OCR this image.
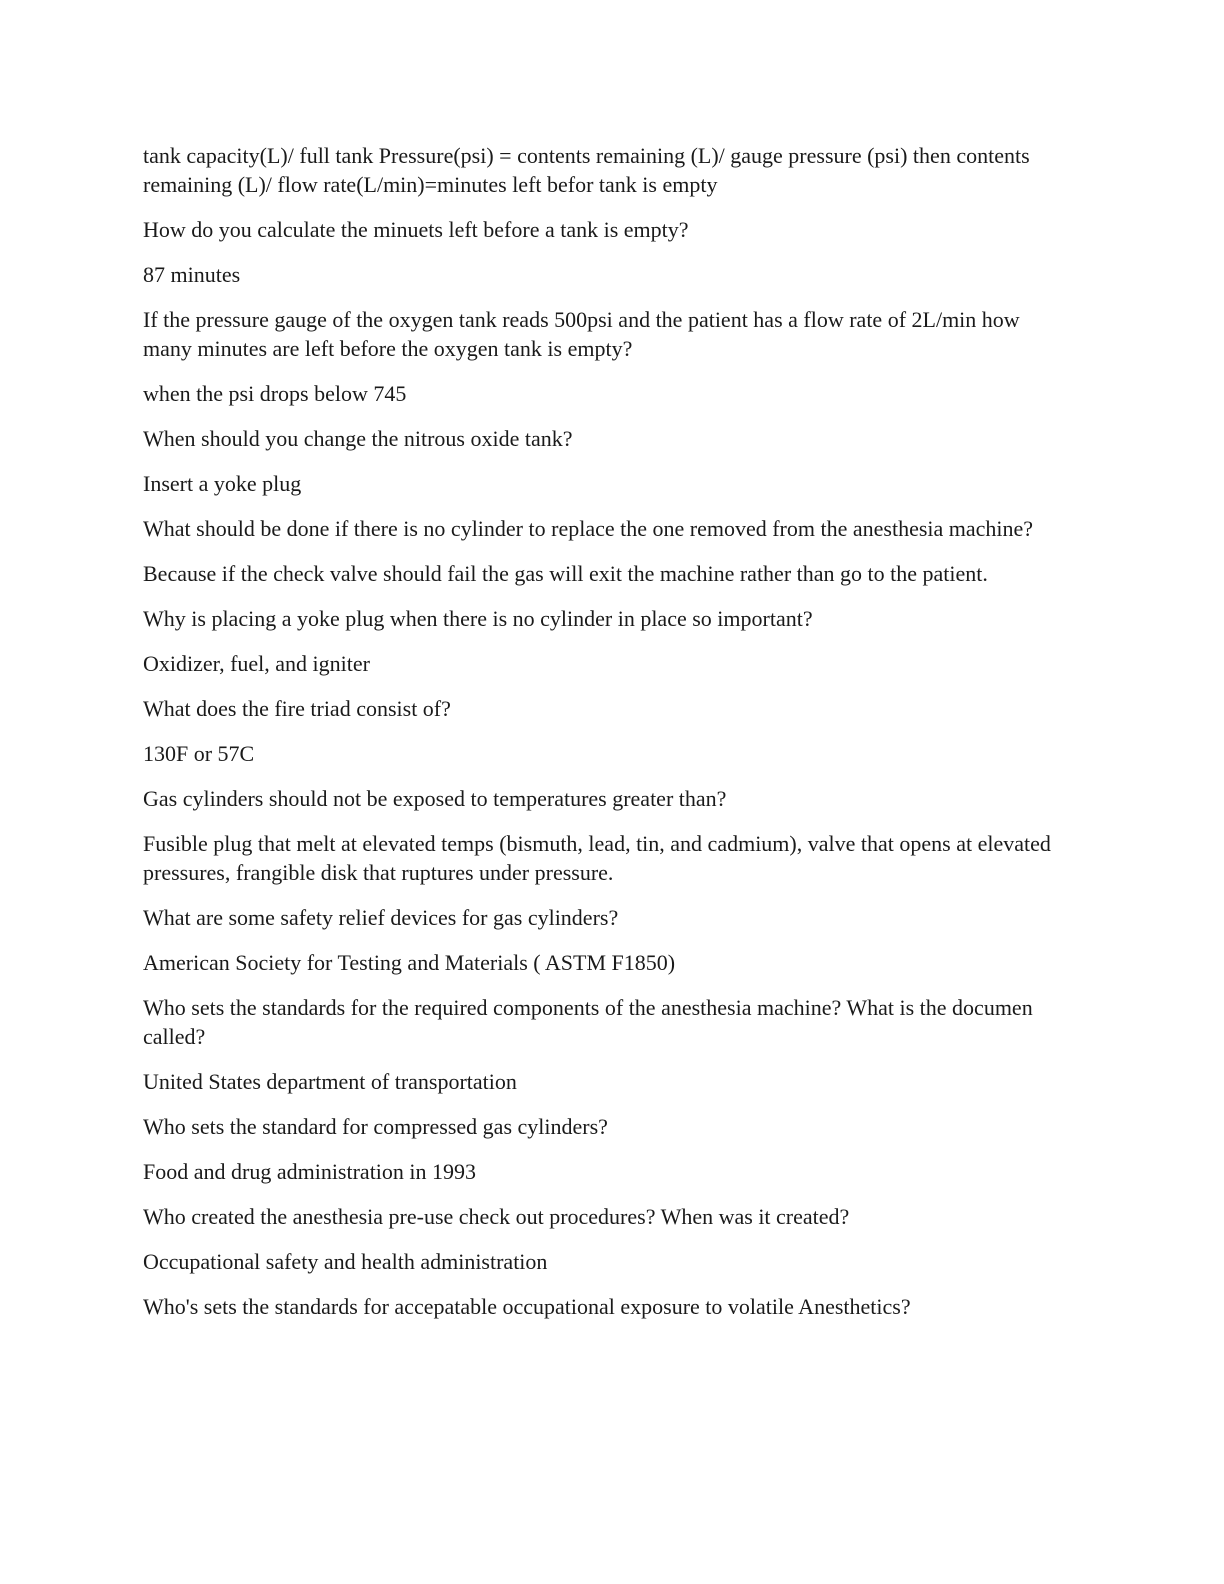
tank capacity(L)/ full tank Pressure(psi) = contents remaining (L)/ gauge pressure (psi) then contents remaining (L)/ flow rate(L/min)=minutes left befor tank is empty

How do you calculate the minuets left before a tank is empty?

87 minutes

If the pressure gauge of the oxygen tank reads 500psi and the patient has a flow rate of 2L/min how many minutes are left before the oxygen tank is empty?

when the psi drops below 745

When should you change the nitrous oxide tank?

Insert a yoke plug

What should be done if there is no cylinder to replace the one removed from the anesthesia machine?

Because if the check valve should fail the gas will exit the machine rather than go to the patient.

Why is placing a yoke plug when there is no cylinder in place so important?

Oxidizer, fuel, and igniter

What does the fire triad consist of?

130F or 57C

Gas cylinders should not be exposed to temperatures greater than?

Fusible plug that melt at elevated temps (bismuth, lead, tin, and cadmium), valve that opens at elevated pressures, frangible disk that ruptures under pressure.

What are some safety relief devices for gas cylinders?

American Society for Testing and Materials ( ASTM F1850)

Who sets the standards for the required components of the anesthesia machine? What is the documen called?

United States department of transportation

Who sets the standard for compressed gas cylinders?

Food and drug administration in 1993

Who created the anesthesia pre-use check out procedures? When was it created?

Occupational safety and health administration

Who's sets the standards for accepatable occupational exposure to volatile Anesthetics?
